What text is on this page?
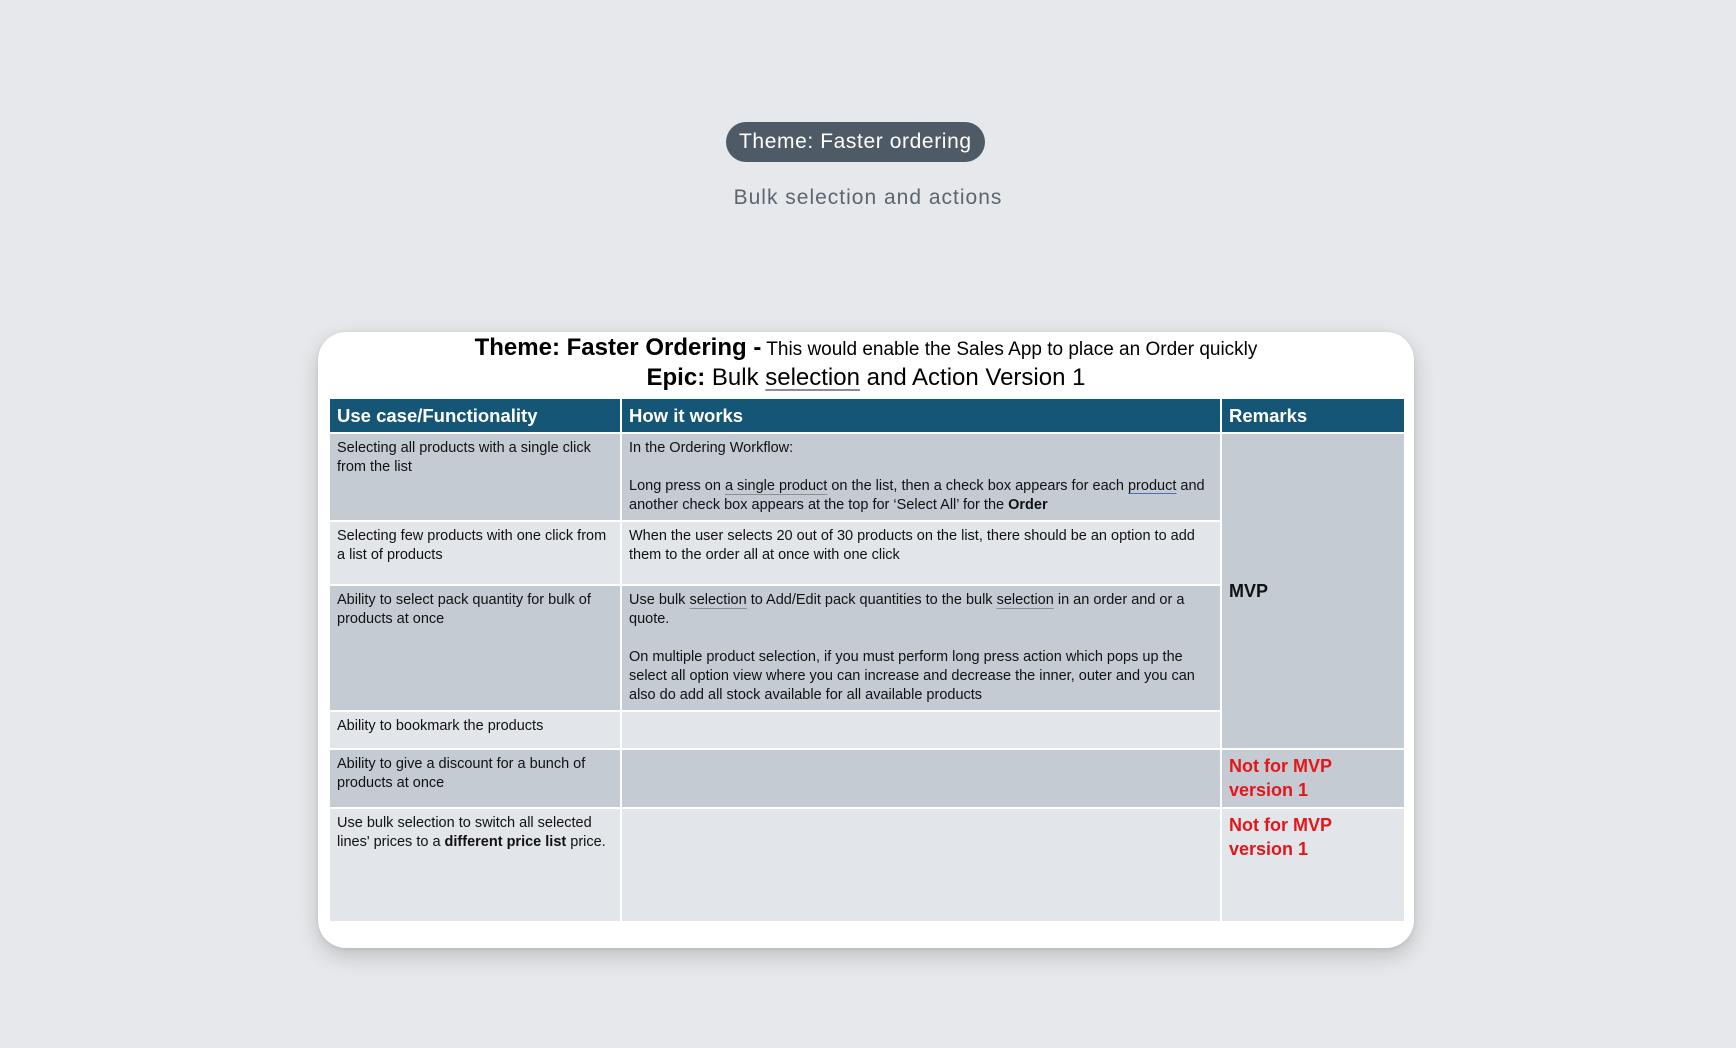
Theme: Faster ordering
Bulk selection and actions
Theme: Faster Ordering - This would enable the Sales App to place an Order quickly
Epic: Bulk selection and Action Version 1
Use case/Functionality	How it works	Remarks
Selecting all products with a single click from the list	In the Ordering Workflow:
Long press on a single product on the list, then a check box appears for each product and another check box appears at the top for ‘Select All’ for the Order	MVP
Selecting few products with one click from a list of products	When the user selects 20 out of 30 products on the list, there should be an option to add them to the order all at once with one click	
Ability to select pack quantity for bulk of products at once	Use bulk selection to Add/Edit pack quantities to the bulk selection in an order and or a quote.
On multiple product selection, if you must perform long press action which pops up the select all option view where you can increase and decrease the inner, outer and you can also do add all stock available for all available products	
Ability to bookmark the products		
Ability to give a discount for a bunch of products at once		Not for MVP version 1
Use bulk selection to switch all selected lines' prices to a different price list price.		Not for MVP version 1
